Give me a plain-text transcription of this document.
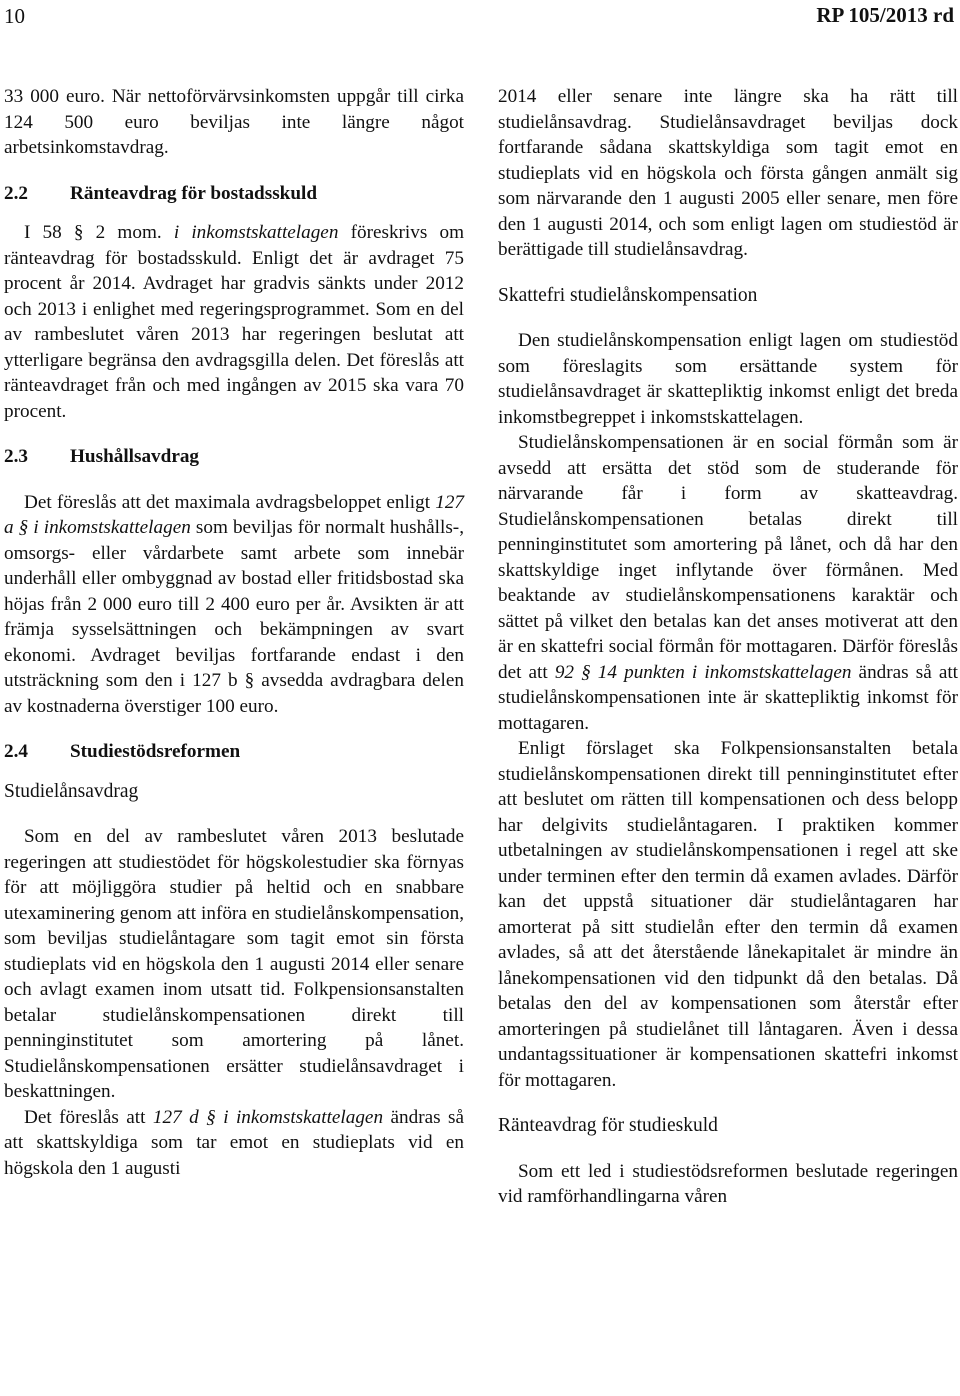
10	RP 105/2013 rd

33 000 euro. När nettoförvärvsinkomsten uppgår till cirka 124 500 euro beviljas inte längre något arbetsinkomstavdrag.

2.2 Ränteavdrag för bostadsskuld

I 58 § 2 mom. i inkomstskattelagen föreskrivs om ränteavdrag för bostadsskuld. Enligt det är avdraget 75 procent år 2014. Avdraget har gradvis sänkts under 2012 och 2013 i enlighet med regeringsprogrammet. Som en del av rambeslutet våren 2013 har regeringen beslutat att ytterligare begränsa den avdragsgilla delen. Det föreslås att ränteavdraget från och med ingången av 2015 ska vara 70 procent.

2.3 Hushållsavdrag

Det föreslås att det maximala avdragsbeloppet enligt 127 a § i inkomstskattelagen som beviljas för normalt hushålls-, omsorgs- eller vårdarbete samt arbete som innebär underhåll eller ombyggnad av bostad eller fritidsbostad ska höjas från 2 000 euro till 2 400 euro per år. Avsikten är att främja sysselsättningen och bekämpningen av svart ekonomi. Avdraget beviljas fortfarande endast i den utsträckning som den i 127 b § avsedda avdragbara delen av kostnaderna överstiger 100 euro.

2.4 Studiestödsreformen

Studielånsavdrag

Som en del av rambeslutet våren 2013 beslutade regeringen att studiestödet för högskolestudier ska förnyas för att möjliggöra studier på heltid och en snabbare utexaminering genom att införa en studielånskompensation, som beviljas studielåntagare som tagit emot sin första studieplats vid en högskola den 1 augusti 2014 eller senare och avlagt examen inom utsatt tid. Folkpensionsanstalten betalar studielånskompensationen direkt till penninginstitutet som amortering på lånet. Studielånskompensationen ersätter studielånsavdraget i beskattningen.

Det föreslås att 127 d § i inkomstskattelagen ändras så att skattskyldiga som tar emot en studieplats vid en högskola den 1 augusti

2014 eller senare inte längre ska ha rätt till studielånsavdrag. Studielånsavdraget beviljas dock fortfarande sådana skattskyldiga som tagit emot en studieplats vid en högskola och första gången anmält sig som närvarande den 1 augusti 2005 eller senare, men före den 1 augusti 2014, och som enligt lagen om studiestöd är berättigade till studielånsavdrag.

Skattefri studielånskompensation

Den studielånskompensation enligt lagen om studiestöd som föreslagits som ersättande system för studielånsavdraget är skattepliktig inkomst enligt det breda inkomstbegreppet i inkomstskattelagen.

Studielånskompensationen är en social förmån som är avsedd att ersätta det stöd som de studerande för närvarande får i form av skatteavdrag. Studielånskompensationen betalas direkt till penninginstitutet som amortering på lånet, och då har den skattskyldige inget inflytande över förmånen. Med beaktande av studielånskompensationens karaktär och sättet på vilket den betalas kan det anses motiverat att den är en skattefri social förmån för mottagaren. Därför föreslås det att 92 § 14 punkten i inkomstskattelagen ändras så att studielånskompensationen inte är skattepliktig inkomst för mottagaren.

Enligt förslaget ska Folkpensionsanstalten betala studielånskompensationen direkt till penninginstitutet efter att beslutet om rätten till kompensationen och dess belopp har delgivits studielåntagaren. I praktiken kommer utbetalningen av studielånskompensationen i regel att ske under terminen efter den termin då examen avlades. Därför kan det uppstå situationer där studielåntagaren har amorterat på sitt studielån efter den termin då examen avlades, så att det återstående lånekapitalet är mindre än lånekompensationen vid den tidpunkt då den betalas. Då betalas den del av kompensationen som återstår efter amorteringen på studielånet till låntagaren. Även i dessa undantagssituationer är kompensationen skattefri inkomst för mottagaren.

Ränteavdrag för studieskuld

Som ett led i studiestödsreformen beslutade regeringen vid ramförhandlingarna våren
